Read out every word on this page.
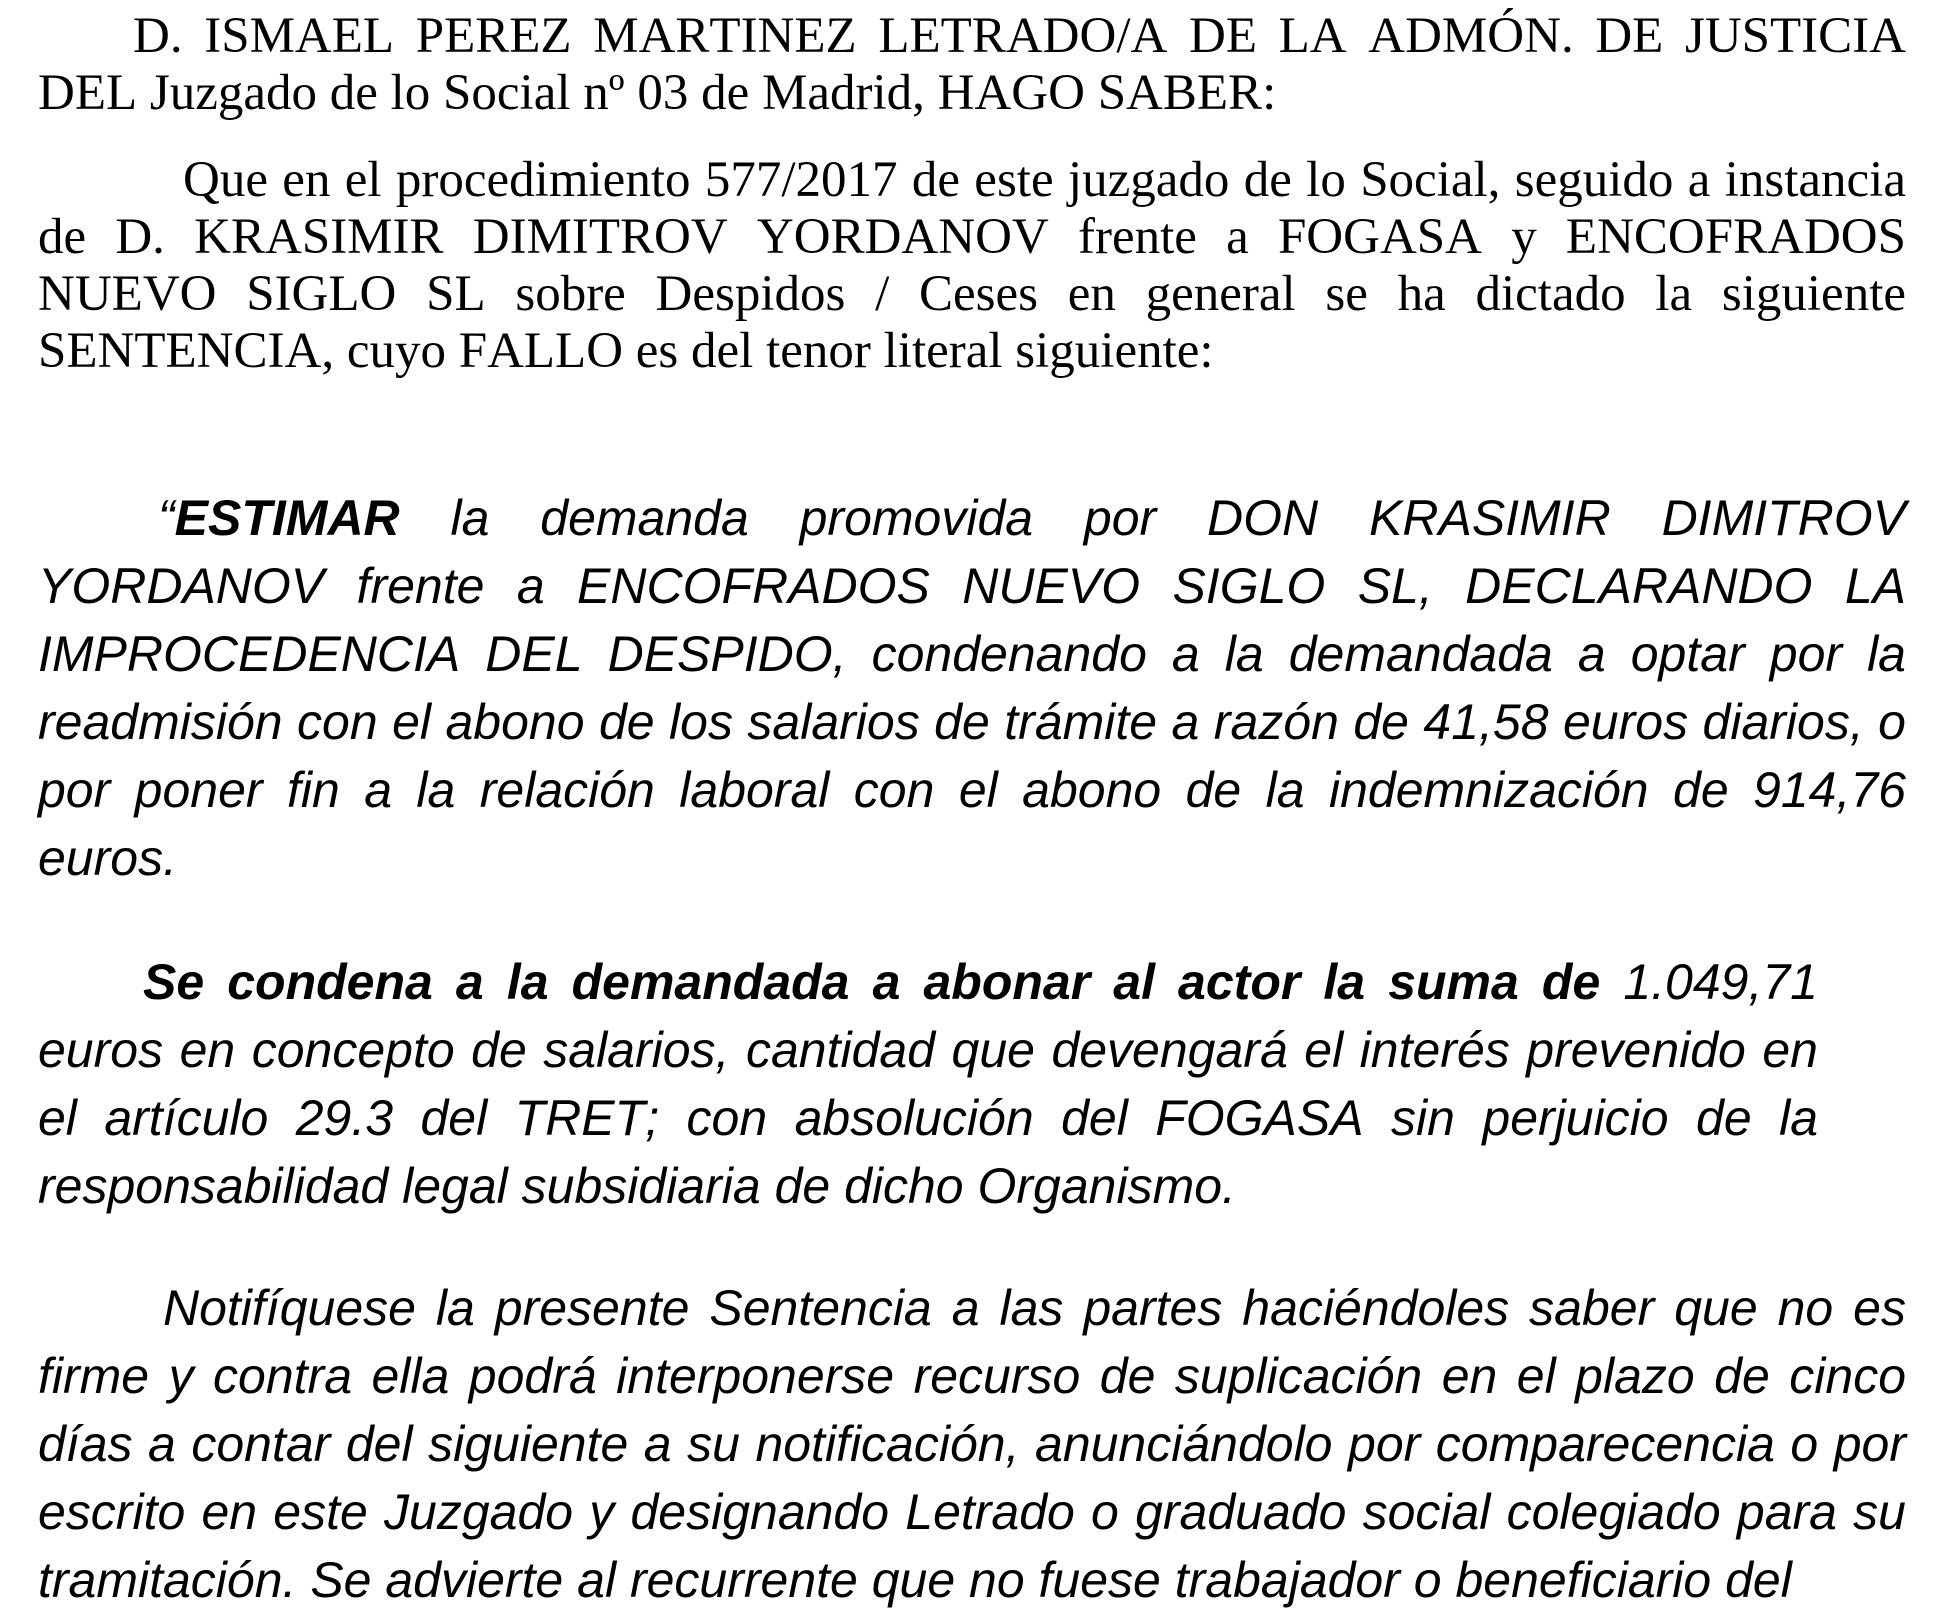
D. ISMAEL PEREZ MARTINEZ LETRADO/A DE LA ADMÓN. DE JUSTICIA DEL Juzgado de lo Social nº 03 de Madrid, HAGO SABER:

Que en el procedimiento 577/2017 de este juzgado de lo Social, seguido a instancia de D. KRASIMIR DIMITROV YORDANOV frente a FOGASA y ENCOFRADOS NUEVO SIGLO SL sobre Despidos / Ceses en general se ha dictado la siguiente SENTENCIA, cuyo FALLO es del tenor literal siguiente:

“ESTIMAR la demanda promovida por DON KRASIMIR DIMITROV YORDANOV frente a ENCOFRADOS NUEVO SIGLO SL, DECLARANDO LA IMPROCEDENCIA DEL DESPIDO, condenando a la demandada a optar por la readmisión con el abono de los salarios de trámite a razón de 41,58 euros diarios, o por poner fin a la relación laboral con el abono de la indemnización de 914,76 euros.

Se condena a la demandada a abonar al actor la suma de 1.049,71 euros en concepto de salarios, cantidad que devengará el interés prevenido en el artículo 29.3 del TRET; con absolución del FOGASA sin perjuicio de la responsabilidad legal subsidiaria de dicho Organismo.

Notifíquese la presente Sentencia a las partes haciéndoles saber que no es firme y contra ella podrá interponerse recurso de suplicación en el plazo de cinco días a contar del siguiente a su notificación, anunciándolo por comparecencia o por escrito en este Juzgado y designando Letrado o graduado social colegiado para su tramitación. Se advierte al recurrente que no fuese trabajador o beneficiario del
